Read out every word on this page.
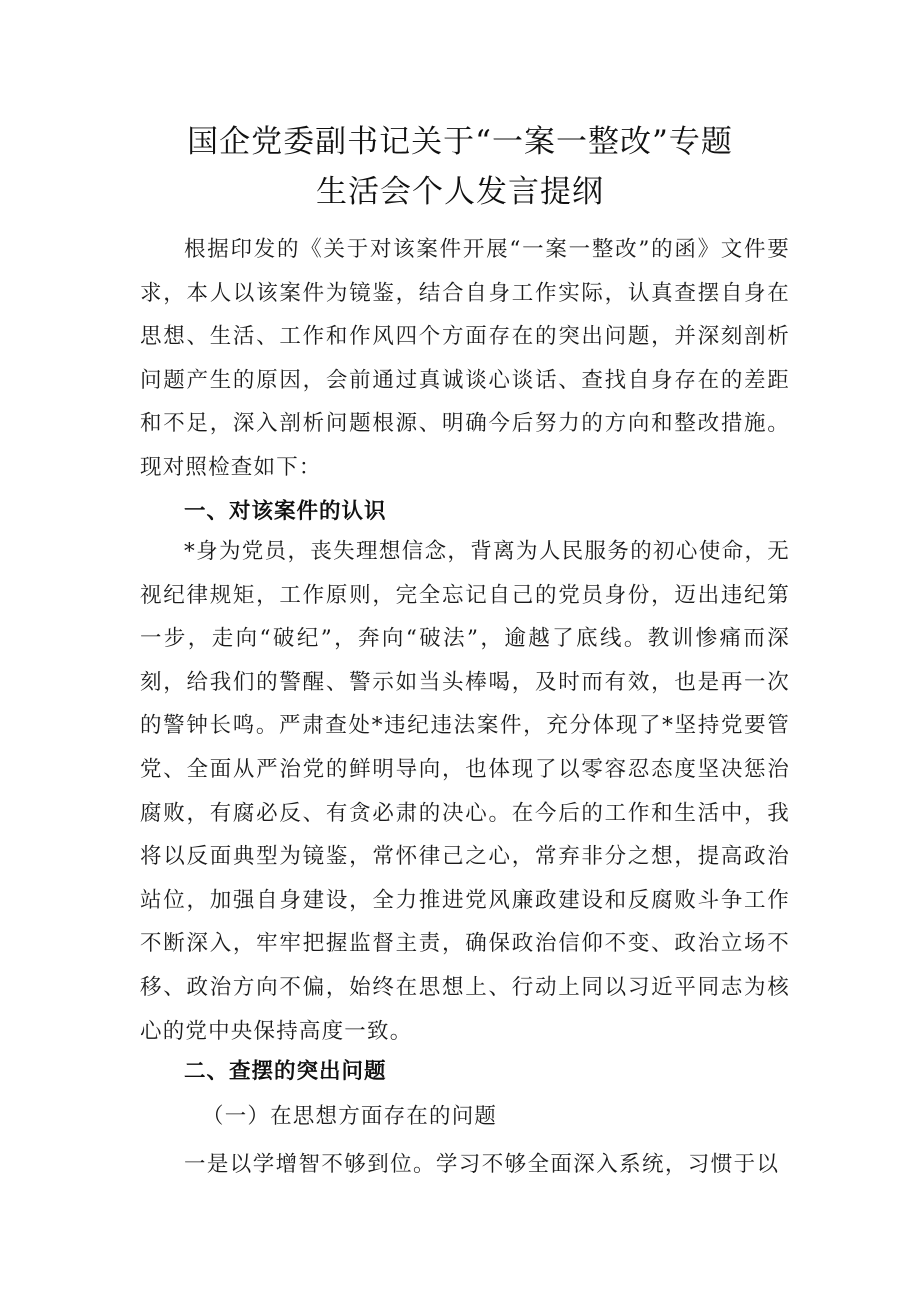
国企党委副书记关于“一案一整改”专题
生活会个人发言提纲
根据印发的《关于对该案件开展“一案一整改”的函》文件要求，本人以该案件为镜鉴，结合自身工作实际，认真查摆自身在思想、生活、工作和作风四个方面存在的突出问题，并深刻剖析问题产生的原因，会前通过真诚谈心谈话、查找自身存在的差距和不足，深入剖析问题根源、明确今后努力的方向和整改措施。现对照检查如下：
一、对该案件的认识
*身为党员，丧失理想信念，背离为人民服务的初心使命，无视纪律规矩，工作原则，完全忘记自己的党员身份，迈出违纪第一步，走向“破纪”，奔向“破法”，逾越了底线。教训惨痛而深刻，给我们的警醒、警示如当头棒喝，及时而有效，也是再一次的警钟长鸣。严肃查处*违纪违法案件，充分体现了*坚持党要管党、全面从严治党的鲜明导向，也体现了以零容忍态度坚决惩治腐败，有腐必反、有贪必肃的决心。在今后的工作和生活中，我将以反面典型为镜鉴，常怀律己之心，常弃非分之想，提高政治站位，加强自身建设，全力推进党风廉政建设和反腐败斗争工作不断深入，牢牢把握监督主责，确保政治信仰不变、政治立场不移、政治方向不偏，始终在思想上、行动上同以习近平同志为核心的党中央保持高度一致。
二、查摆的突出问题
（一）在思想方面存在的问题
一是以学增智不够到位。学习不够全面深入系统，习惯于以
